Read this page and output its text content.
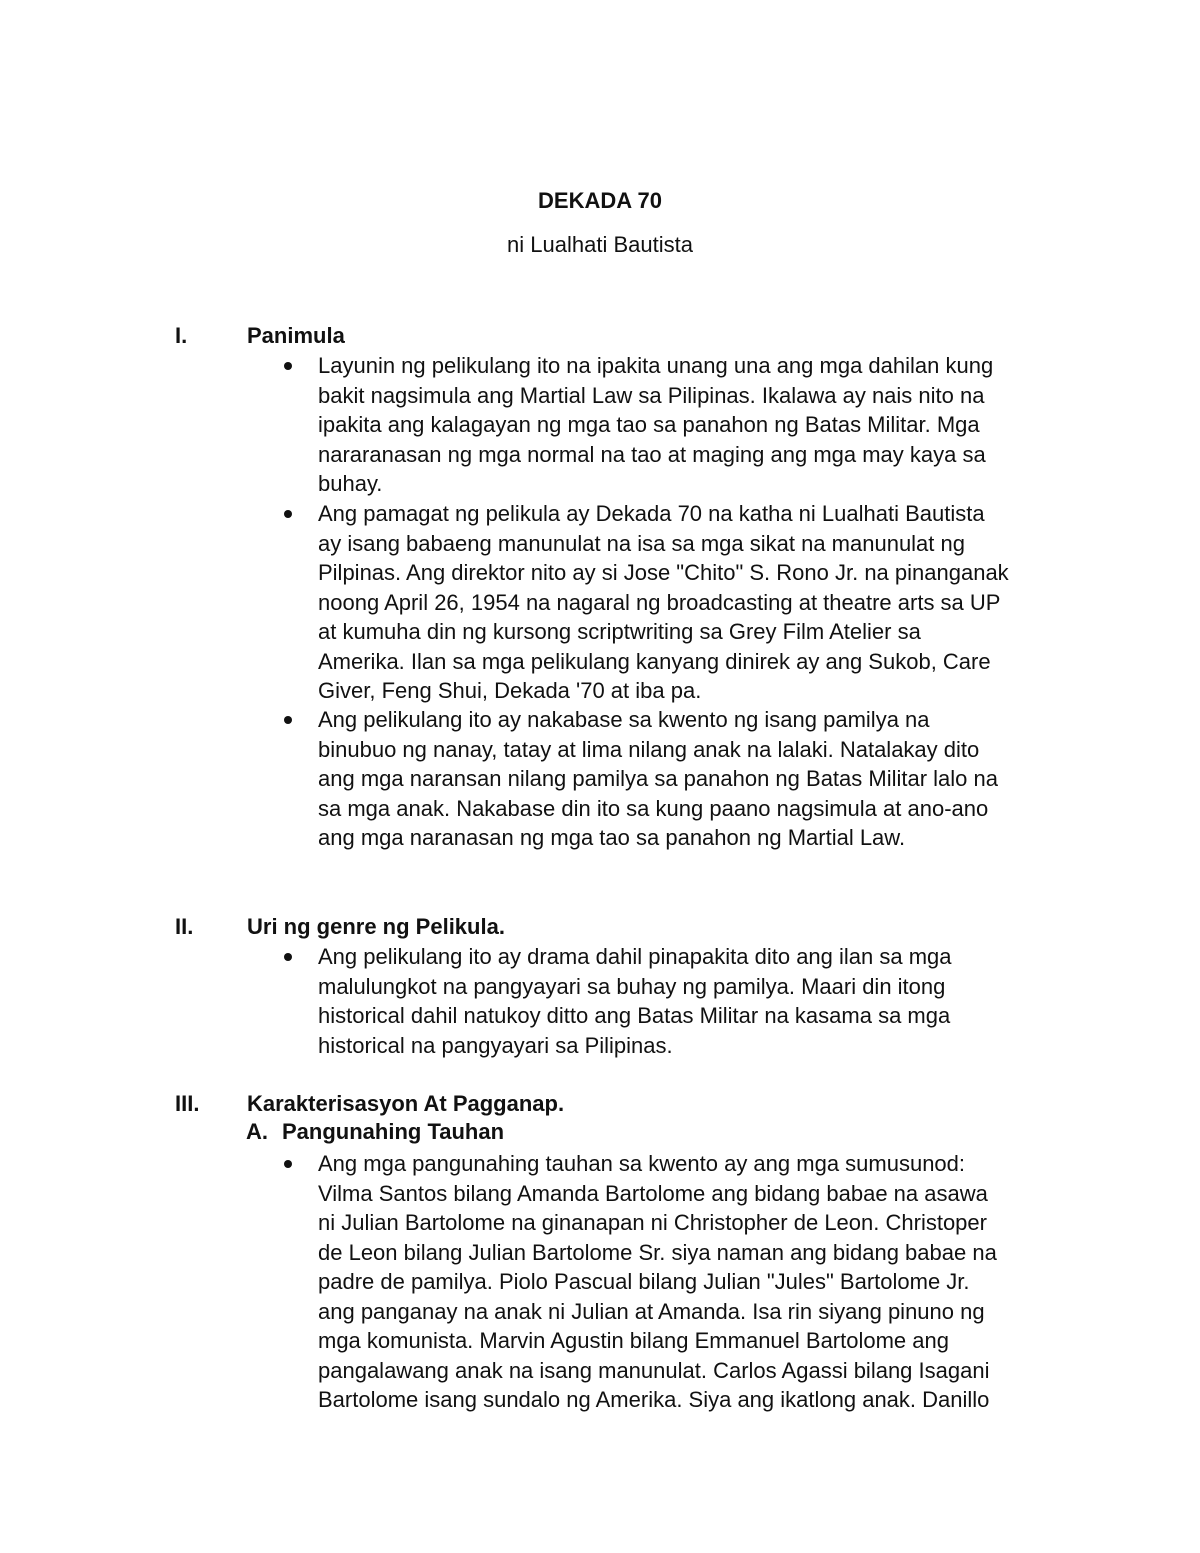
DEKADA 70
ni Lualhati Bautista
I.	Panimula
Layunin ng pelikulang ito na ipakita unang una ang mga dahilan kung
bakit nagsimula ang Martial Law sa Pilipinas. Ikalawa ay nais nito na
ipakita ang kalagayan ng mga tao sa panahon ng Batas Militar. Mga
nararanasan ng mga normal na tao at maging ang mga may kaya sa
buhay.
Ang pamagat ng pelikula ay Dekada 70 na katha ni Lualhati Bautista
ay isang babaeng manunulat na isa sa mga sikat na manunulat ng
Pilpinas. Ang direktor nito ay si Jose "Chito" S. Rono Jr. na pinanganak
noong April 26, 1954 na nagaral ng broadcasting at theatre arts sa UP
at kumuha din ng kursong scriptwriting sa Grey Film Atelier sa
Amerika. Ilan sa mga pelikulang kanyang dinirek ay ang Sukob, Care
Giver, Feng Shui, Dekada '70 at iba pa.
Ang pelikulang ito ay nakabase sa kwento ng isang pamilya na
binubuo ng nanay, tatay at lima nilang anak na lalaki. Natalakay dito
ang mga naransan nilang pamilya sa panahon ng Batas Militar lalo na
sa mga anak. Nakabase din ito sa kung paano nagsimula at ano-ano
ang mga naranasan ng mga tao sa panahon ng Martial Law.
II. Uri ng genre ng Pelikula.
Ang pelikulang ito ay drama dahil pinapakita dito ang ilan sa mga
malulungkot na pangyayari sa buhay ng pamilya. Maari din itong
historical dahil natukoy ditto ang Batas Militar na kasama sa mga
historical na pangyayari sa Pilipinas.
III. Karakterisasyon At Pagganap.
A. Pangunahing Tauhan
Ang mga pangunahing tauhan sa kwento ay ang mga sumusunod:
Vilma Santos bilang Amanda Bartolome ang bidang babae na asawa
ni Julian Bartolome na ginanapan ni Christopher de Leon. Christoper
de Leon bilang Julian Bartolome Sr. siya naman ang bidang babae na
padre de pamilya. Piolo Pascual bilang Julian "Jules" Bartolome Jr.
ang panganay na anak ni Julian at Amanda. Isa rin siyang pinuno ng
mga komunista. Marvin Agustin bilang Emmanuel Bartolome ang
pangalawang anak na isang manunulat. Carlos Agassi bilang Isagani
Bartolome isang sundalo ng Amerika. Siya ang ikatlong anak. Danillo
